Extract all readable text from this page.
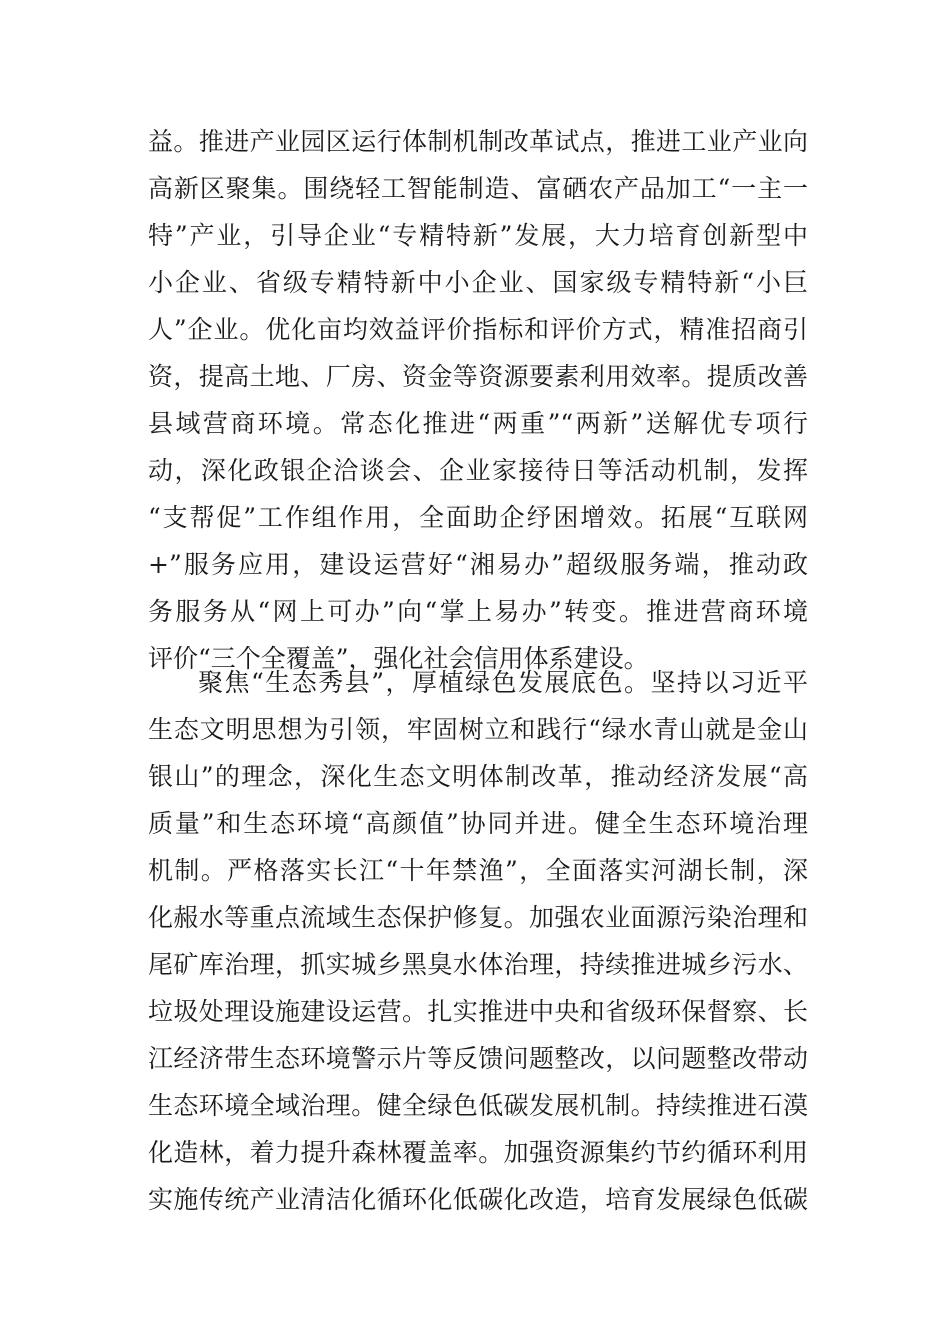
益。推进产业园区运行体制机制改革试点，推进工业产业向
高新区聚集。围绕轻工智能制造、富硒农产品加工“一主一
特”产业，引导企业“专精特新”发展，大力培育创新型中
小企业、省级专精特新中小企业、国家级专精特新“小巨
人”企业。优化亩均效益评价指标和评价方式，精准招商引
资，提高土地、厂房、资金等资源要素利用效率。提质改善
县域营商环境。常态化推进“两重”“两新”送解优专项行
动，深化政银企洽谈会、企业家接待日等活动机制，发挥
“支帮促”工作组作用，全面助企纾困增效。拓展“互联网
+”服务应用，建设运营好“湘易办”超级服务端，推动政
务服务从“网上可办”向“掌上易办”转变。推进营商环境
评价“三个全覆盖”，强化社会信用体系建设。
聚焦“生态秀县”，厚植绿色发展底色。坚持以习近平
生态文明思想为引领，牢固树立和践行“绿水青山就是金山
银山”的理念，深化生态文明体制改革，推动经济发展“高
质量”和生态环境“高颜值”协同并进。健全生态环境治理
机制。严格落实长江“十年禁渔”，全面落实河湖长制，深
化赧水等重点流域生态保护修复。加强农业面源污染治理和
尾矿库治理，抓实城乡黑臭水体治理，持续推进城乡污水、
垃圾处理设施建设运营。扎实推进中央和省级环保督察、长
江经济带生态环境警示片等反馈问题整改，以问题整改带动
生态环境全域治理。健全绿色低碳发展机制。持续推进石漠
化造林，着力提升森林覆盖率。加强资源集约节约循环利用
实施传统产业清洁化循环化低碳化改造，培育发展绿色低碳
